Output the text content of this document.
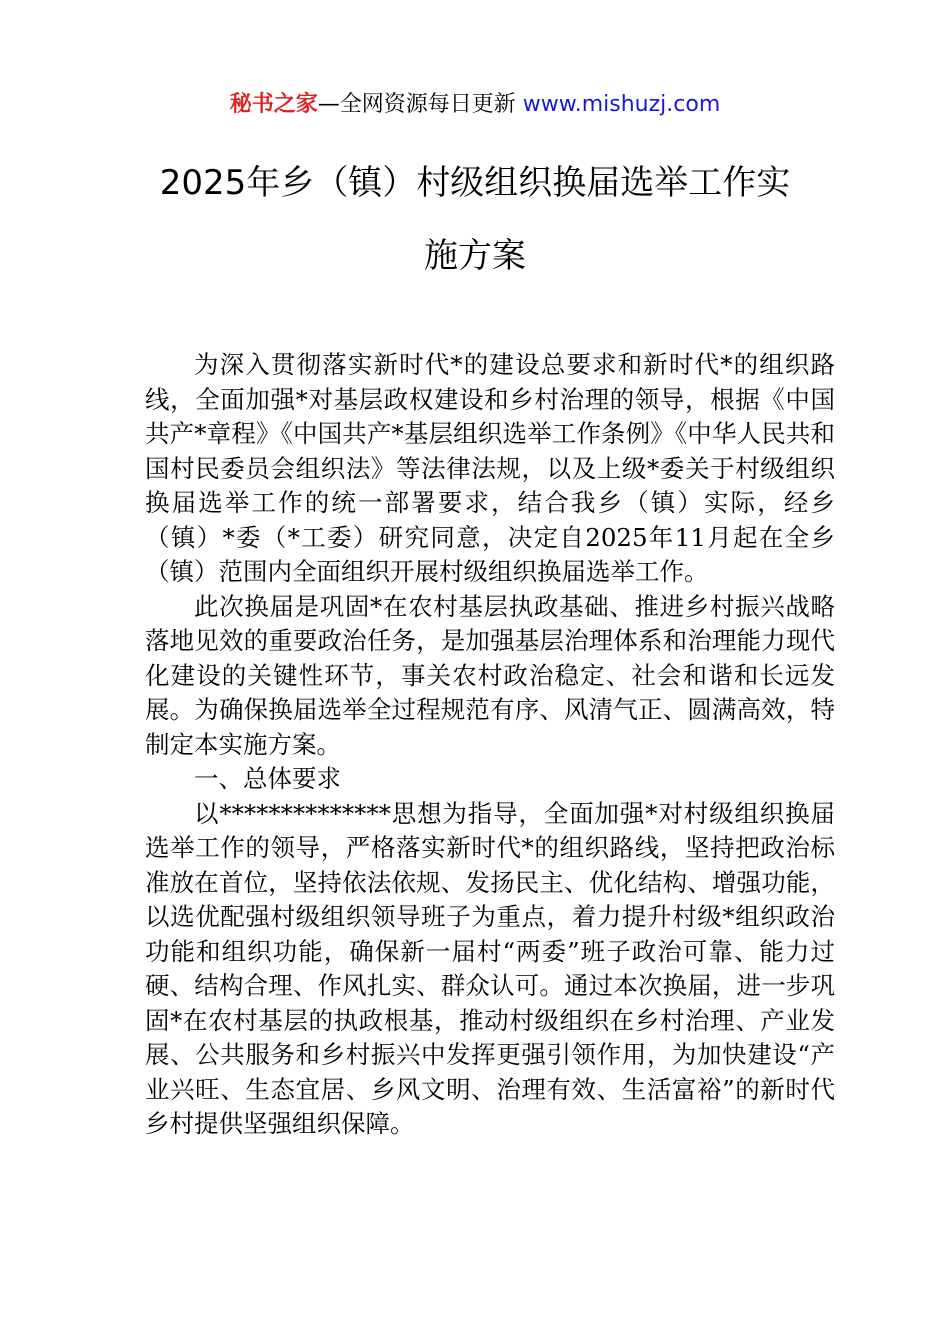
秘书之家—全网资源每日更新 www.mishuzj.com
2025年乡（镇）村级组织换届选举工作实
施方案

为深入贯彻落实新时代*的建设总要求和新时代*的组织路线，全面加强*对基层政权建设和乡村治理的领导，根据《中国共产*章程》《中国共产*基层组织选举工作条例》《中华人民共和国村民委员会组织法》等法律法规，以及上级*委关于村级组织换届选举工作的统一部署要求，结合我乡（镇）实际，经乡（镇）*委（*工委）研究同意，决定自2025年11月起在全乡（镇）范围内全面组织开展村级组织换届选举工作。

此次换届是巩固*在农村基层执政基础、推进乡村振兴战略落地见效的重要政治任务，是加强基层治理体系和治理能力现代化建设的关键性环节，事关农村政治稳定、社会和谐和长远发展。为确保换届选举全过程规范有序、风清气正、圆满高效，特制定本实施方案。

一、总体要求

以**************思想为指导，全面加强*对村级组织换届选举工作的领导，严格落实新时代*的组织路线，坚持把政治标准放在首位，坚持依法依规、发扬民主、优化结构、增强功能，以选优配强村级组织领导班子为重点，着力提升村级*组织政治功能和组织功能，确保新一届村“两委”班子政治可靠、能力过硬、结构合理、作风扎实、群众认可。通过本次换届，进一步巩固*在农村基层的执政根基，推动村级组织在乡村治理、产业发展、公共服务和乡村振兴中发挥更强引领作用，为加快建设“产业兴旺、生态宜居、乡风文明、治理有效、生活富裕”的新时代乡村提供坚强组织保障。
